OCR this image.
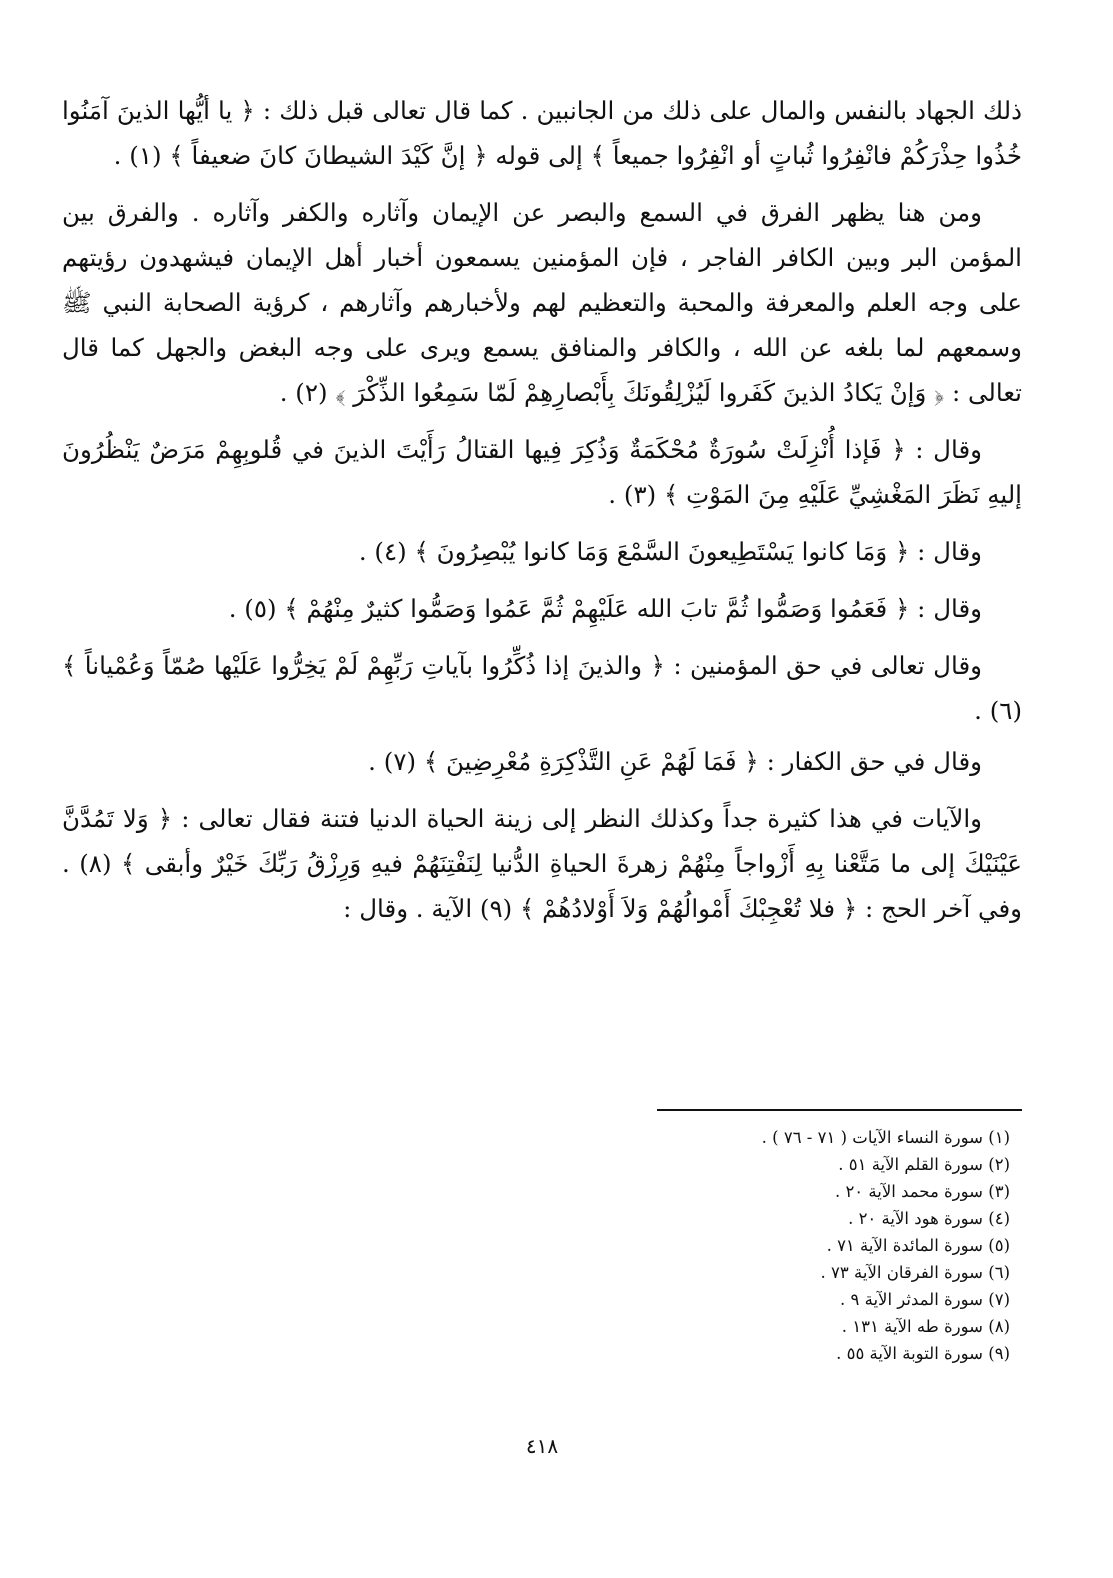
ذلك الجهاد بالنفس والمال على ذلك من الجانبين . كما قال تعالى قبل ذلك : ﴿ يا أيُّها الذينَ آمَنُوا خُذُوا حِذْرَكُمْ فانْفِرُوا ثُباتٍ أو انْفِرُوا جميعاً ﴾ إلى قوله ﴿ إنَّ كَيْدَ الشيطانَ كانَ ضعيفاً ﴾ (١) .

ومن هنا يظهر الفرق في السمع والبصر عن الإيمان وآثاره والكفر وآثاره . والفرق بين المؤمن البر وبين الكافر الفاجر ، فإن المؤمنين يسمعون أخبار أهل الإيمان فيشهدون رؤيتهم على وجه العلم والمعرفة والمحبة والتعظيم لهم ولأخبارهم وآثارهم ، كرؤية الصحابة النبي ﷺ وسمعهم لما بلغه عن الله ، والكافر والمنافق يسمع ويرى على وجه البغض والجهل كما قال تعالى : ﴿ وَإنْ يَكادُ الذينَ كَفَروا لَيُزْلِقُونَكَ بِأَبْصارِهِمْ لَمّا سَمِعُوا الذِّكْرَ ﴾ (٢) .

وقال : ﴿ فَإذا أُنْزِلَتْ سُورَةٌ مُحْكَمَةٌ وَذُكِرَ فِيها القتالُ رَأَيْتَ الذينَ في قُلوبِهِمْ مَرَضٌ يَنْظُرُونَ إليهِ نَظَرَ المَغْشِيِّ عَلَيْهِ مِنَ المَوْتِ ﴾ (٣) .

وقال : ﴿ وَمَا كانوا يَسْتَطِيعونَ السَّمْعَ وَمَا كانوا يُبْصِرُونَ ﴾ (٤) .

وقال : ﴿ فَعَمُوا وَصَمُّوا ثُمَّ تابَ الله عَلَيْهِمْ ثُمَّ عَمُوا وَصَمُّوا كثيرٌ مِنْهُمْ ﴾ (٥) .

وقال تعالى في حق المؤمنين : ﴿ والذينَ إذا ذُكِّرُوا بآياتِ رَبِّهِمْ لَمْ يَخِرُّوا عَلَيْها صُمّاً وَعُمْياناً ﴾ (٦) .

وقال في حق الكفار : ﴿ فَمَا لَهُمْ عَنِ التَّذْكِرَةِ مُعْرِضِينَ ﴾ (٧) .

والآيات في هذا كثيرة جداً وكذلك النظر إلى زينة الحياة الدنيا فتنة فقال تعالى : ﴿ وَلا تَمُدَّنَّ عَيْنَيْكَ إلى ما مَتَّعْنا بِهِ أَزْواجاً مِنْهُمْ زهرةَ الحياةِ الدُّنيا لِنَفْتِنَهُمْ فيهِ وَرِزْقُ رَبِّكَ خَيْرٌ وأبقى ﴾ (٨) . وفي آخر الحج : ﴿ فلا تُعْجِبْكَ أَمْوالُهُمْ وَلاَ أَوْلادُهُمْ ﴾ (٩) الآية . وقال :

(١) سورة النساء الآيات ( ٧١ - ٧٦ ) .
(٢) سورة القلم الآية ٥١ .
(٣) سورة محمد الآية ٢٠ .
(٤) سورة هود الآية ٢٠ .
(٥) سورة المائدة الآية ٧١ .
(٦) سورة الفرقان الآية ٧٣ .
(٧) سورة المدثر الآية ٩ .
(٨) سورة طه الآية ١٣١ .
(٩) سورة التوبة الآية ٥٥ .
٤١٨
